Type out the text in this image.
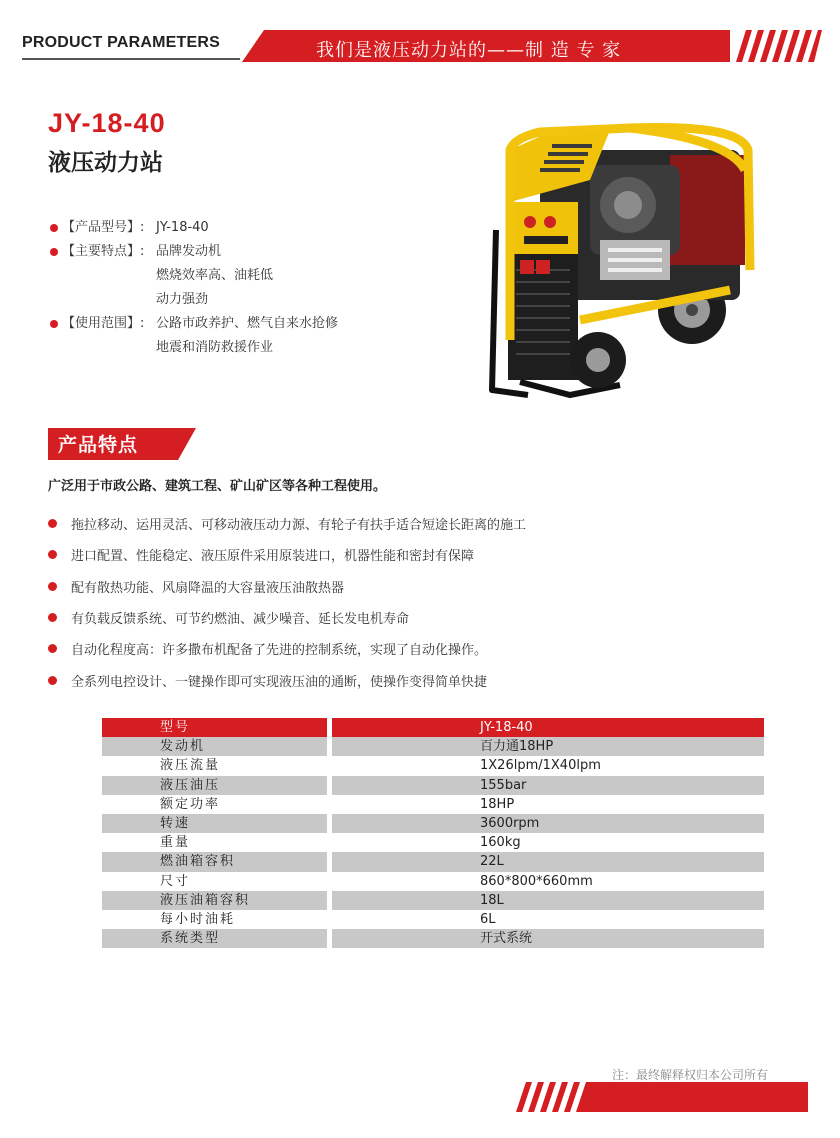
PRODUCT PARAMETERS	我们是液压动力站的——制 造 专 家
JY-18-40
液压动力站
【产品型号】: JY-18-40
【主要特点】: 品牌发动机
燃烧效率高、油耗低
动力强劲
【使用范围】: 公路市政养护、燃气自来水抢修
地震和消防救援作业
产品特点
广泛用于市政公路、建筑工程、矿山矿区等各种工程使用。
拖拉移动、运用灵活、可移动液压动力源、有轮子有扶手适合短途长距离的施工
进口配置、性能稳定、液压原件采用原装进口，机器性能和密封有保障
配有散热功能、风扇降温的大容量液压油散热器
有负载反馈系统、可节约燃油、减少噪音、延长发电机寿命
自动化程度高：许多撒布机配备了先进的控制系统，实现了自动化操作。
全系列电控设计、一键操作即可实现液压油的通断，使操作变得简单快捷
型号	JY-18-40
发动机	百力通18HP
液压流量	1X26lpm/1X40lpm
液压油压	155bar
额定功率	18HP
转速	3600rpm
重量	160kg
燃油箱容积	22L
尺寸	860*800*660mm
液压油箱容积	18L
每小时油耗	6L
系统类型	开式系统
注：最终解释权归本公司所有
